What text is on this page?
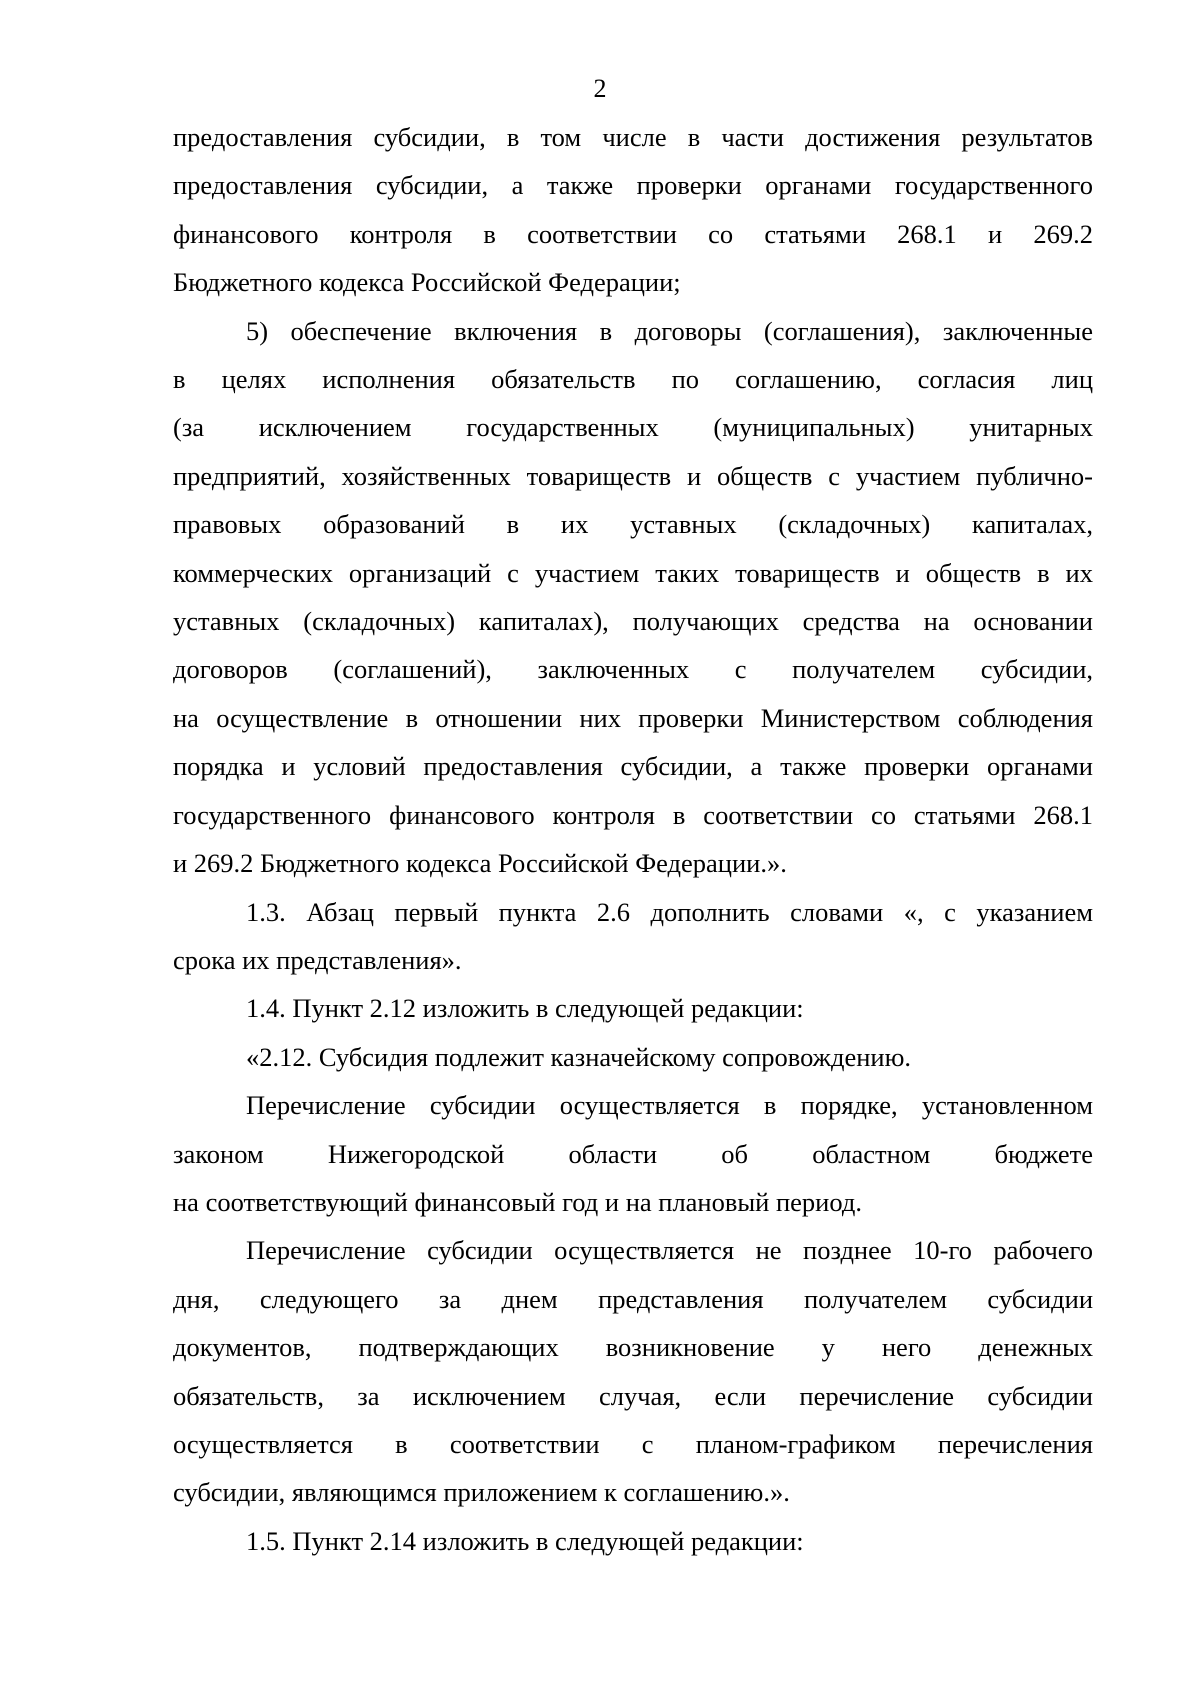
2
предоставления субсидии, в том числе в части достижения результатов
предоставления субсидии, а также проверки органами государственного
финансового контроля в соответствии со статьями 268.1 и 269.2
Бюджетного кодекса Российской Федерации;
5) обеспечение включения в договоры (соглашения), заключенные
в целях исполнения обязательств по соглашению, согласия лиц
(за исключением государственных (муниципальных) унитарных
предприятий, хозяйственных товариществ и обществ с участием публично-
правовых образований в их уставных (складочных) капиталах,
коммерческих организаций с участием таких товариществ и обществ в их
уставных (складочных) капиталах), получающих средства на основании
договоров (соглашений), заключенных с получателем субсидии,
на осуществление в отношении них проверки Министерством соблюдения
порядка и условий предоставления субсидии, а также проверки органами
государственного финансового контроля в соответствии со статьями 268.1
и 269.2 Бюджетного кодекса Российской Федерации.».
1.3. Абзац первый пункта 2.6 дополнить словами «, с указанием
срока их представления».
1.4. Пункт 2.12 изложить в следующей редакции:
«2.12. Субсидия подлежит казначейскому сопровождению.
Перечисление субсидии осуществляется в порядке, установленном
законом Нижегородской области об областном бюджете
на соответствующий финансовый год и на плановый период.
Перечисление субсидии осуществляется не позднее 10-го рабочего
дня, следующего за днем представления получателем субсидии
документов, подтверждающих возникновение у него денежных
обязательств, за исключением случая, если перечисление субсидии
осуществляется в соответствии с планом-графиком перечисления
субсидии, являющимся приложением к соглашению.».
1.5. Пункт 2.14 изложить в следующей редакции:
